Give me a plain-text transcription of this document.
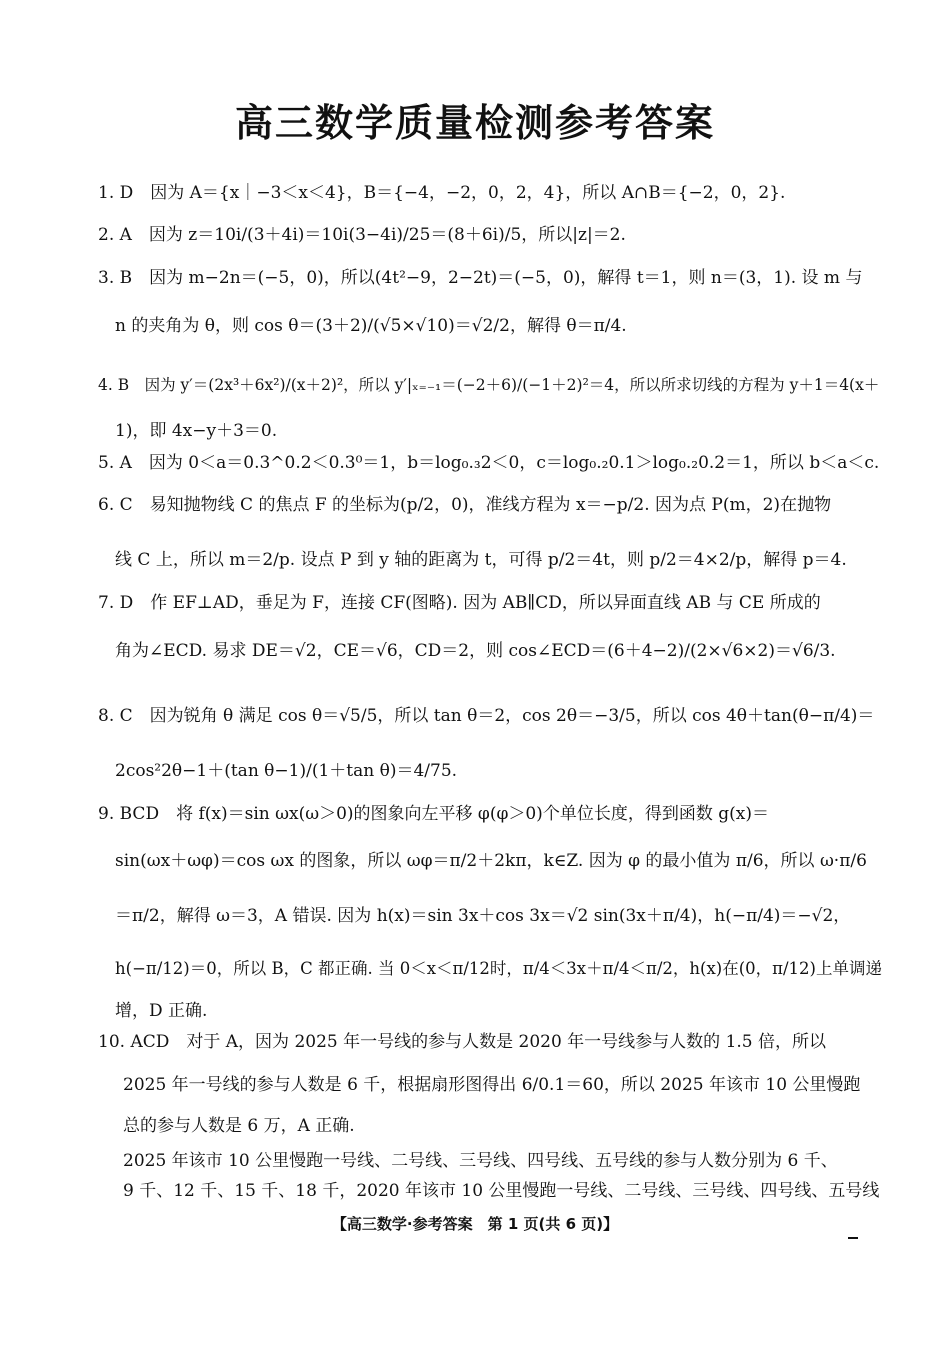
高三数学质量检测参考答案
1. D　因为 A＝{x｜−3＜x＜4}，B＝{−4，−2，0，2，4}，所以 A∩B＝{−2，0，2}.
2. A　因为 z＝10i/(3＋4i)＝10i(3−4i)/25＝(8＋6i)/5，所以|z|＝2.
3. B　因为 m−2n＝(−5，0)，所以(4t²−9，2−2t)＝(−5，0)，解得 t＝1，则 n＝(3，1). 设 m 与
n 的夹角为 θ，则 cos θ＝(3＋2)/(√5×√10)＝√2/2，解得 θ＝π/4.
4. B　因为 y′＝(2x³＋6x²)/(x＋2)²，所以 y′|ₓ₌₋₁＝(−2＋6)/(−1＋2)²＝4，所以所求切线的方程为 y＋1＝4(x＋
1)，即 4x−y＋3＝0.
5. A　因为 0＜a＝0.3^0.2＜0.3⁰＝1，b＝log₀.₃2＜0，c＝log₀.₂0.1＞log₀.₂0.2＝1，所以 b＜a＜c.
6. C　易知抛物线 C 的焦点 F 的坐标为(p/2，0)，准线方程为 x＝−p/2. 因为点 P(m，2)在抛物
线 C 上，所以 m＝2/p. 设点 P 到 y 轴的距离为 t，可得 p/2＝4t，则 p/2＝4×2/p，解得 p＝4.
7. D　作 EF⊥AD，垂足为 F，连接 CF(图略). 因为 AB∥CD，所以异面直线 AB 与 CE 所成的
角为∠ECD. 易求 DE＝√2，CE＝√6，CD＝2，则 cos∠ECD＝(6＋4−2)/(2×√6×2)＝√6/3.
8. C　因为锐角 θ 满足 cos θ＝√5/5，所以 tan θ＝2，cos 2θ＝−3/5，所以 cos 4θ＋tan(θ−π/4)＝
2cos²2θ−1＋(tan θ−1)/(1＋tan θ)＝4/75.
9. BCD　将 f(x)＝sin ωx(ω＞0)的图象向左平移 φ(φ＞0)个单位长度，得到函数 g(x)＝
sin(ωx＋ωφ)＝cos ωx 的图象，所以 ωφ＝π/2＋2kπ，k∈Z. 因为 φ 的最小值为 π/6，所以 ω·π/6
＝π/2，解得 ω＝3，A 错误. 因为 h(x)＝sin 3x＋cos 3x＝√2 sin(3x＋π/4)，h(−π/4)＝−√2，
h(−π/12)＝0，所以 B，C 都正确. 当 0＜x＜π/12时，π/4＜3x＋π/4＜π/2，h(x)在(0，π/12)上单调递
增，D 正确.
10. ACD　对于 A，因为 2025 年一号线的参与人数是 2020 年一号线参与人数的 1.5 倍，所以
2025 年一号线的参与人数是 6 千，根据扇形图得出 6/0.1＝60，所以 2025 年该市 10 公里慢跑
总的参与人数是 6 万，A 正确.
2025 年该市 10 公里慢跑一号线、二号线、三号线、四号线、五号线的参与人数分别为 6 千、
9 千、12 千、15 千、18 千，2020 年该市 10 公里慢跑一号线、二号线、三号线、四号线、五号线
【高三数学·参考答案　第 1 页(共 6 页)】
